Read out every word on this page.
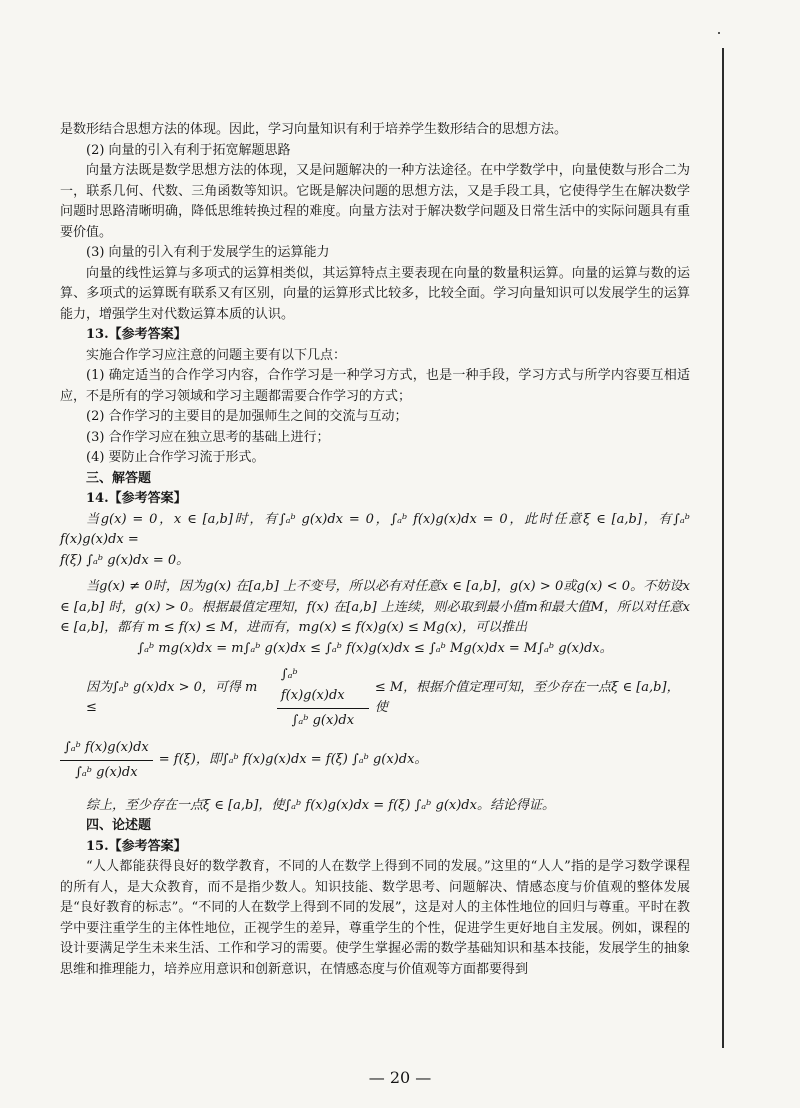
是数形结合思想方法的体现。因此，学习向量知识有利于培养学生数形结合的思想方法。

(2) 向量的引入有利于拓宽解题思路

向量方法既是数学思想方法的体现，又是问题解决的一种方法途径。在中学数学中，向量使数与形合二为一，联系几何、代数、三角函数等知识。它既是解决问题的思想方法，又是手段工具，它使得学生在解决数学问题时思路清晰明确，降低思维转换过程的难度。向量方法对于解决数学问题及日常生活中的实际问题具有重要价值。

(3) 向量的引入有利于发展学生的运算能力

向量的线性运算与多项式的运算相类似，其运算特点主要表现在向量的数量积运算。向量的运算与数的运算、多项式的运算既有联系又有区别，向量的运算形式比较多，比较全面。学习向量知识可以发展学生的运算能力，增强学生对代数运算本质的认识。

13.【参考答案】

实施合作学习应注意的问题主要有以下几点：

(1) 确定适当的合作学习内容，合作学习是一种学习方式，也是一种手段，学习方式与所学内容要互相适应，不是所有的学习领域和学习主题都需要合作学习的方式；

(2) 合作学习的主要目的是加强师生之间的交流与互动；

(3) 合作学习应在独立思考的基础上进行；

(4) 要防止合作学习流于形式。

三、解答题

14.【参考答案】

当g(x) = 0，x ∈ [a,b]时，有∫ₐᵇ g(x)dx = 0，∫ₐᵇ f(x)g(x)dx = 0，此时任意ξ ∈ [a,b]，有∫ₐᵇ f(x)g(x)dx =

f(ξ) ∫ₐᵇ g(x)dx = 0。

当g(x) ≠ 0时，因为g(x) 在[a,b] 上不变号，所以必有对任意x ∈ [a,b]，g(x) > 0或g(x) < 0。不妨设x ∈ [a,b] 时，g(x) > 0。根据最值定理知，f(x) 在[a,b] 上连续，则必取到最小值m和最大值M，所以对任意x ∈ [a,b]，都有 m ≤ f(x) ≤ M，进而有，mg(x) ≤ f(x)g(x) ≤ Mg(x)，可以推出

∫ₐᵇ mg(x)dx = m∫ₐᵇ g(x)dx ≤ ∫ₐᵇ f(x)g(x)dx ≤ ∫ₐᵇ Mg(x)dx = M∫ₐᵇ g(x)dx。

因为∫ₐᵇ g(x)dx > 0，可得 m ≤	$\frac{\text{∫ₐᵇ f(x)g(x)dx}}{\text{∫ₐᵇ g(x)dx}} \le M$，根据介值定理可知，至少存在一点ξ ∈ [a,b]，使
$\frac{\text{∫ₐᵇ f(x)g(x)dx}}{\text{∫ₐᵇ g(x)dx}} = f(\xi)$，即∫ₐᵇ f(x)g(x)dx = f(ξ) ∫ₐᵇ g(x)dx。

综上，至少存在一点ξ ∈ [a,b]，使∫ₐᵇ f(x)g(x)dx = f(ξ) ∫ₐᵇ g(x)dx。结论得证。

四、论述题

15.【参考答案】

“人人都能获得良好的数学教育，不同的人在数学上得到不同的发展。”这里的“人人”指的是学习数学课程的所有人，是大众教育，而不是指少数人。知识技能、数学思考、问题解决、情感态度与价值观的整体发展是“良好教育的标志”。“不同的人在数学上得到不同的发展”，这是对人的主体性地位的回归与尊重。平时在教学中要注重学生的主体性地位，正视学生的差异，尊重学生的个性，促进学生更好地自主发展。例如，课程的设计要满足学生未来生活、工作和学习的需要。使学生掌握必需的数学基础知识和基本技能，发展学生的抽象思维和推理能力，培养应用意识和创新意识，在情感态度与价值观等方面都要得到

— 20 —
